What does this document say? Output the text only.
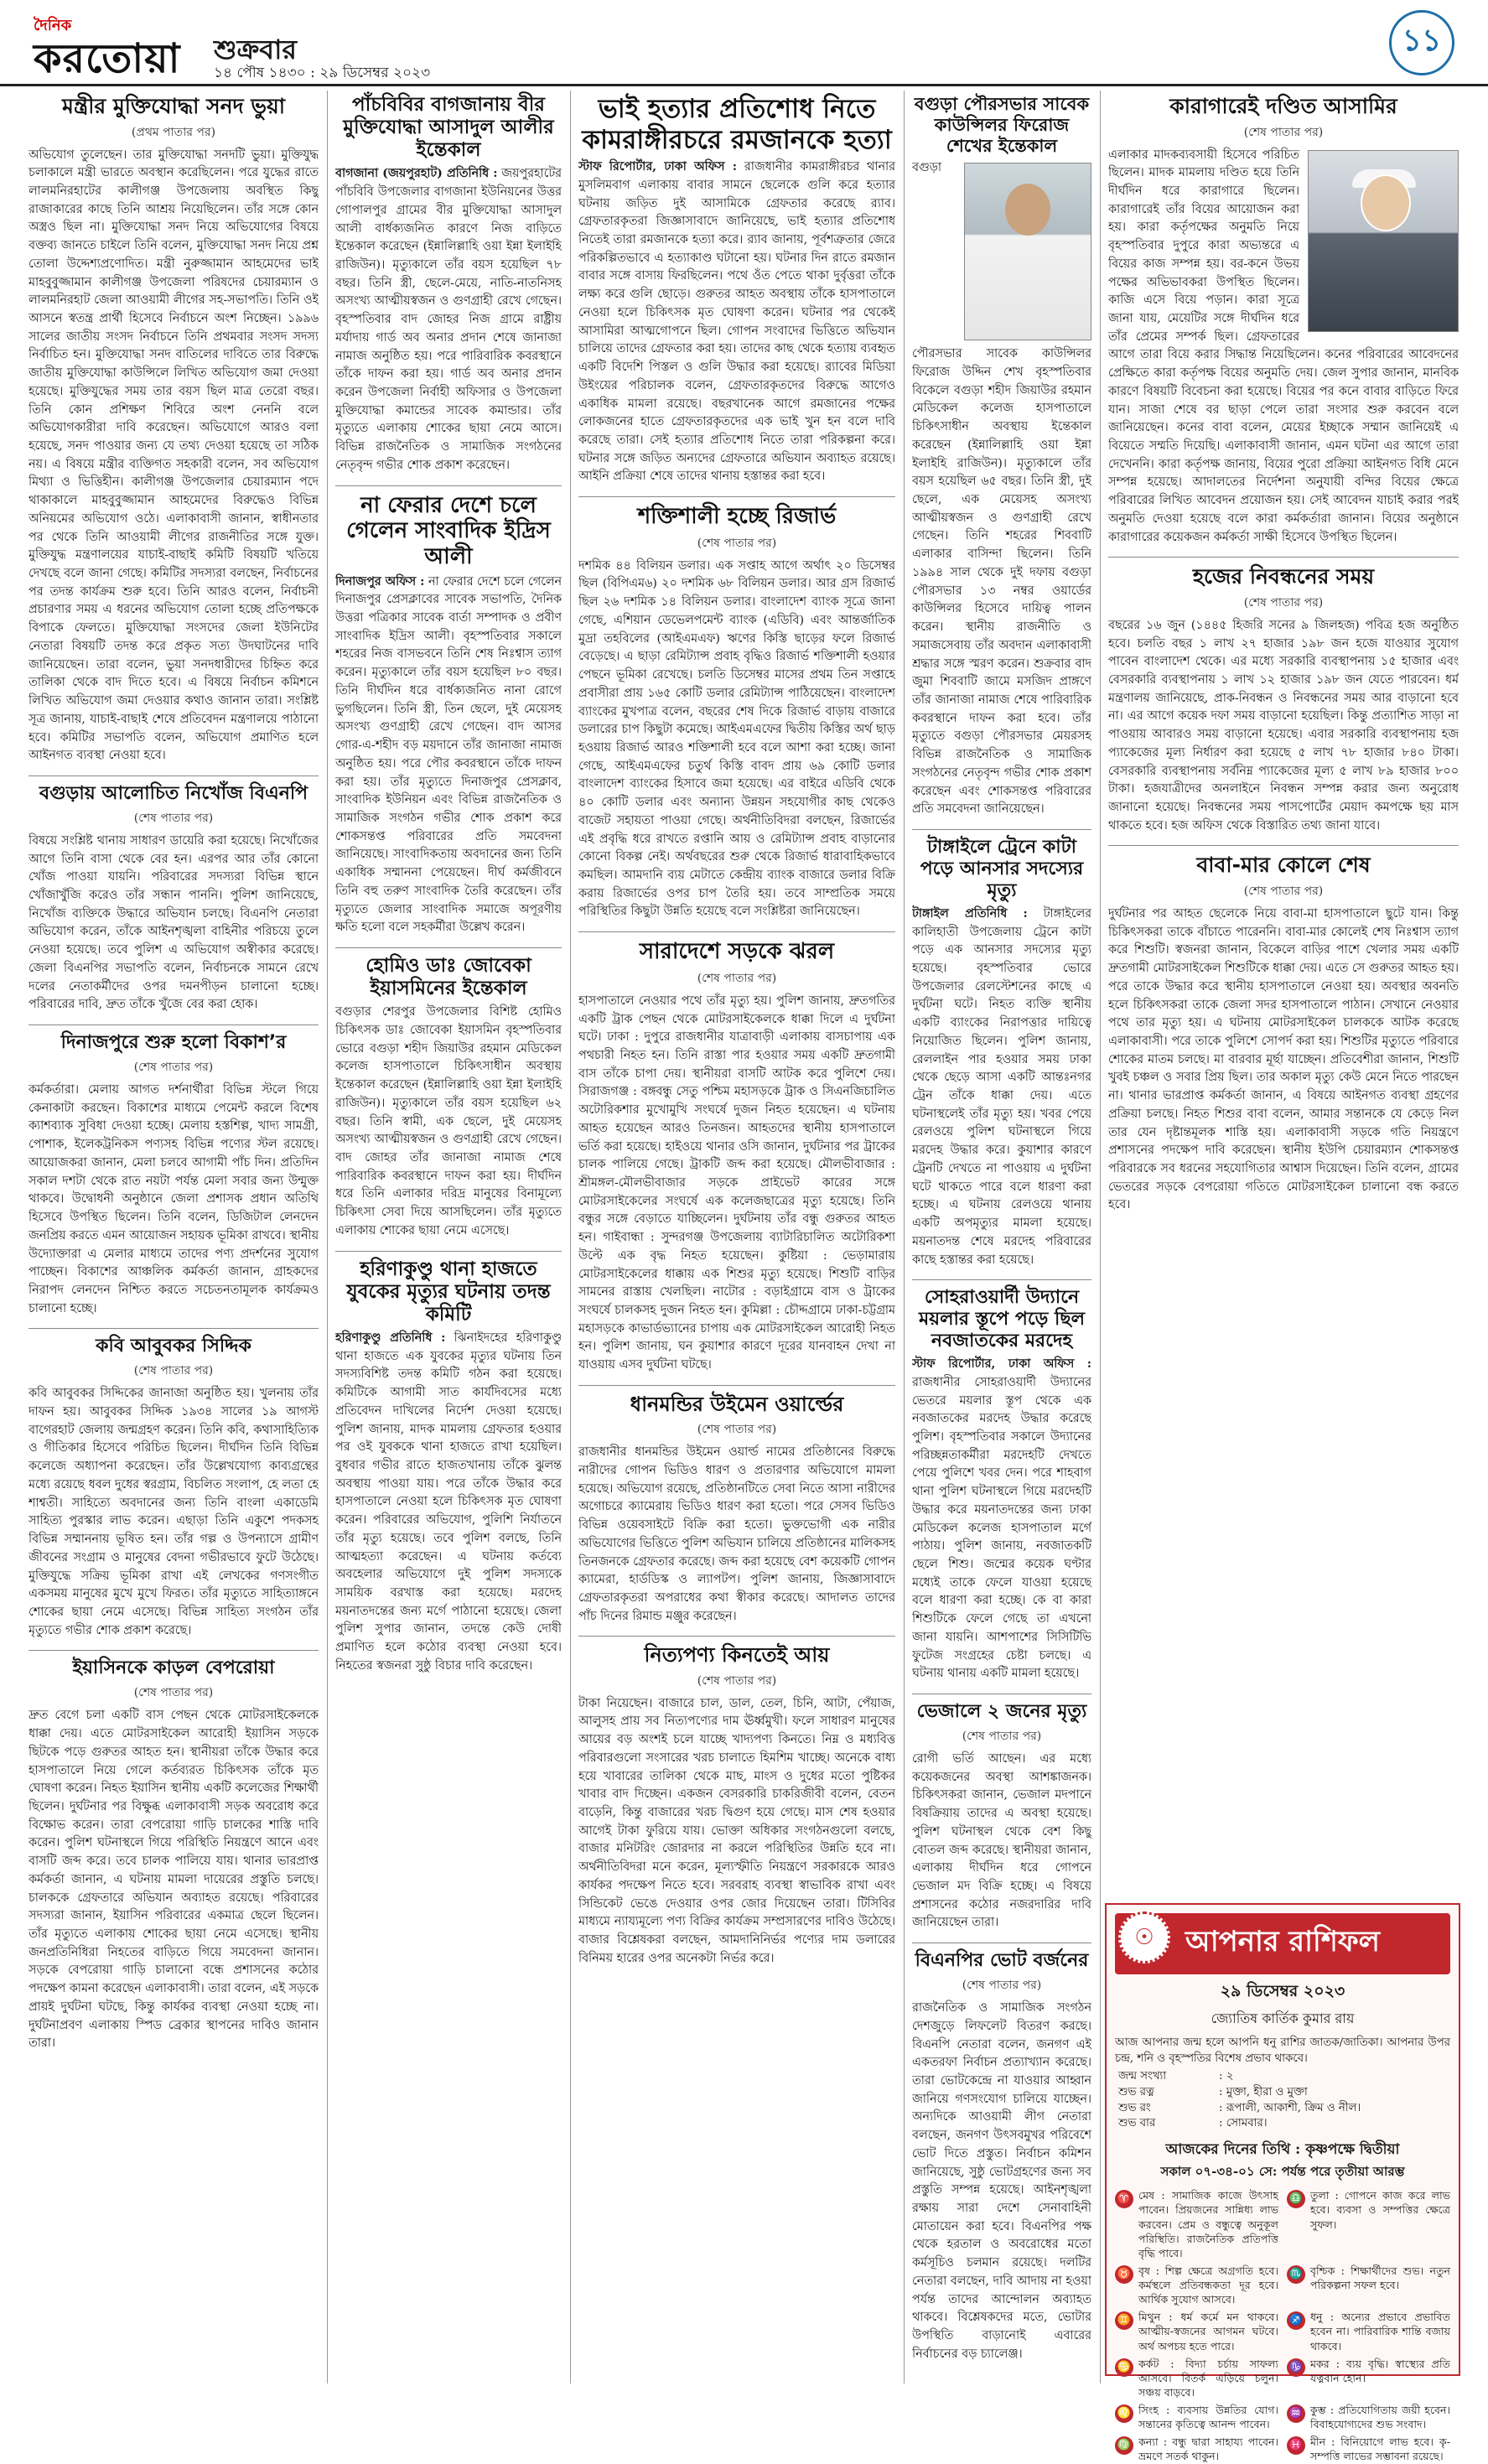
দৈনিক
করতোয়া শুক্রবার
১৪ পৌষ ১৪৩০ : ২৯ ডিসেম্বর ২০২৩
১১
মন্ত্রীর মুক্তিযোদ্ধা সনদ ভুয়া
(প্রথম পাতার পর)

অভিযোগ তুলেছেন। তার মুক্তিযোদ্ধা সনদটি ভুয়া। মুক্তিযুদ্ধ চলাকালে মন্ত্রী ভারতে অবস্থান করেছিলেন। পরে যুদ্ধের রাতে লালমনিরহাটের কালীগঞ্জ উপজেলায় অবস্থিত কিছু রাজাকারের কাছে তিনি আশ্রয় নিয়েছিলেন। তাঁর সঙ্গে কোন অস্ত্রও ছিল না। মুক্তিযোদ্ধা সনদ নিয়ে অভিযোগের বিষয়ে বক্তব্য জানতে চাইলে তিনি বলেন, মুক্তিযোদ্ধা সনদ নিয়ে প্রশ্ন তোলা উদ্দেশ্যপ্রণোদিত। মন্ত্রী নুরুজ্জামান আহমেদের ভাই মাহবুবুজ্জামান কালীগঞ্জ উপজেলা পরিষদের চেয়ারম্যান ও লালমনিরহাট জেলা আওয়ামী লীগের সহ-সভাপতি। তিনি ওই আসনে স্বতন্ত্র প্রার্থী হিসেবে নির্বাচনে অংশ নিচ্ছেন। ১৯৯৬ সালের জাতীয় সংসদ নির্বাচনে তিনি প্রথমবার সংসদ সদস্য নির্বাচিত হন। মুক্তিযোদ্ধা সনদ বাতিলের দাবিতে তার বিরুদ্ধে জাতীয় মুক্তিযোদ্ধা কাউন্সিলে লিখিত অভিযোগ জমা দেওয়া হয়েছে। মুক্তিযুদ্ধের সময় তার বয়স ছিল মাত্র তেরো বছর। তিনি কোন প্রশিক্ষণ শিবিরে অংশ নেননি বলে অভিযোগকারীরা দাবি করেছেন। অভিযোগে আরও বলা হয়েছে, সনদ পাওয়ার জন্য যে তথ্য দেওয়া হয়েছে তা সঠিক নয়। এ বিষয়ে মন্ত্রীর ব্যক্তিগত সহকারী বলেন, সব অভিযোগ মিথ্যা ও ভিত্তিহীন। কালীগঞ্জ উপজেলার চেয়ারম্যান পদে থাকাকালে মাহবুবুজ্জামান আহমেদের বিরুদ্ধেও বিভিন্ন অনিয়মের অভিযোগ ওঠে। এলাকাবাসী জানান, স্বাধীনতার পর থেকে তিনি আওয়ামী লীগের রাজনীতির সঙ্গে যুক্ত। মুক্তিযুদ্ধ মন্ত্রণালয়ের যাচাই-বাছাই কমিটি বিষয়টি খতিয়ে দেখছে বলে জানা গেছে। কমিটির সদস্যরা বলছেন, নির্বাচনের পর তদন্ত কার্যক্রম শুরু হবে। তিনি আরও বলেন, নির্বাচনী প্রচারণার সময় এ ধরনের অভিযোগ তোলা হচ্ছে প্রতিপক্ষকে বিপাকে ফেলতে। মুক্তিযোদ্ধা সংসদের জেলা ইউনিটের নেতারা বিষয়টি তদন্ত করে প্রকৃত সত্য উদঘাটনের দাবি জানিয়েছেন। তারা বলেন, ভুয়া সনদধারীদের চিহ্নিত করে তালিকা থেকে বাদ দিতে হবে। এ বিষয়ে নির্বাচন কমিশনে লিখিত অভিযোগ জমা দেওয়ার কথাও জানান তারা। সংশ্লিষ্ট সূত্র জানায়, যাচাই-বাছাই শেষে প্রতিবেদন মন্ত্রণালয়ে পাঠানো হবে। কমিটির সভাপতি বলেন, অভিযোগ প্রমাণিত হলে আইনগত ব্যবস্থা নেওয়া হবে।

বগুড়ায় আলোচিত নিখোঁজ বিএনপি
(শেষ পাতার পর)

বিষয়ে সংশ্লিষ্ট থানায় সাধারণ ডায়েরি করা হয়েছে। নিখোঁজের আগে তিনি বাসা থেকে বের হন। এরপর আর তাঁর কোনো খোঁজ পাওয়া যায়নি। পরিবারের সদস্যরা বিভিন্ন স্থানে খোঁজাখুঁজি করেও তাঁর সন্ধান পাননি। পুলিশ জানিয়েছে, নিখোঁজ ব্যক্তিকে উদ্ধারে অভিযান চলছে। বিএনপি নেতারা অভিযোগ করেন, তাঁকে আইনশৃঙ্খলা বাহিনীর পরিচয়ে তুলে নেওয়া হয়েছে। তবে পুলিশ এ অভিযোগ অস্বীকার করেছে। জেলা বিএনপির সভাপতি বলেন, নির্বাচনকে সামনে রেখে দলের নেতাকর্মীদের ওপর দমনপীড়ন চালানো হচ্ছে। পরিবারের দাবি, দ্রুত তাঁকে খুঁজে বের করা হোক।

দিনাজপুরে শুরু হলো বিকাশ’র
(শেষ পাতার পর)

কর্মকর্তারা। মেলায় আগত দর্শনার্থীরা বিভিন্ন স্টলে গিয়ে কেনাকাটা করছেন। বিকাশের মাধ্যমে পেমেন্ট করলে বিশেষ ক্যাশব্যাক সুবিধা দেওয়া হচ্ছে। মেলায় হস্তশিল্প, খাদ্য সামগ্রী, পোশাক, ইলেকট্রনিকস পণ্যসহ বিভিন্ন পণ্যের স্টল রয়েছে। আয়োজকরা জানান, মেলা চলবে আগামী পাঁচ দিন। প্রতিদিন সকাল দশটা থেকে রাত নয়টা পর্যন্ত মেলা সবার জন্য উন্মুক্ত থাকবে। উদ্বোধনী অনুষ্ঠানে জেলা প্রশাসক প্রধান অতিথি হিসেবে উপস্থিত ছিলেন। তিনি বলেন, ডিজিটাল লেনদেন জনপ্রিয় করতে এমন আয়োজন সহায়ক ভূমিকা রাখবে। স্থানীয় উদ্যোক্তারা এ মেলার মাধ্যমে তাদের পণ্য প্রদর্শনের সুযোগ পাচ্ছেন। বিকাশের আঞ্চলিক কর্মকর্তা জানান, গ্রাহকদের নিরাপদ লেনদেন নিশ্চিত করতে সচেতনতামূলক কার্যক্রমও চালানো হচ্ছে।

কবি আবুবকর সিদ্দিক
(শেষ পাতার পর)

কবি আবুবকর সিদ্দিকের জানাজা অনুষ্ঠিত হয়। খুলনায় তাঁর দাফন হয়। আবুবকর সিদ্দিক ১৯৩৪ সালের ১৯ আগস্ট বাগেরহাট জেলায় জন্মগ্রহণ করেন। তিনি কবি, কথাসাহিত্যিক ও গীতিকার হিসেবে পরিচিত ছিলেন। দীর্ঘদিন তিনি বিভিন্ন কলেজে অধ্যাপনা করেছেন। তাঁর উল্লেখযোগ্য কাব্যগ্রন্থের মধ্যে রয়েছে ধবল দুধের স্বরগ্রাম, বিচলিত সংলাপ, হে লতা হে শাশ্বতী। সাহিত্যে অবদানের জন্য তিনি বাংলা একাডেমি সাহিত্য পুরস্কার লাভ করেন। এছাড়া তিনি একুশে পদকসহ বিভিন্ন সম্মাননায় ভূষিত হন। তাঁর গল্প ও উপন্যাসে গ্রামীণ জীবনের সংগ্রাম ও মানুষের বেদনা গভীরভাবে ফুটে উঠেছে। মুক্তিযুদ্ধে সক্রিয় ভূমিকা রাখা এই লেখকের গণসংগীত একসময় মানুষের মুখে মুখে ফিরত। তাঁর মৃত্যুতে সাহিত্যাঙ্গনে শোকের ছায়া নেমে এসেছে। বিভিন্ন সাহিত্য সংগঠন তাঁর মৃত্যুতে গভীর শোক প্রকাশ করেছে।

ইয়াসিনকে কাড়ল বেপরোয়া
(শেষ পাতার পর)

দ্রুত বেগে চলা একটি বাস পেছন থেকে মোটরসাইকেলকে ধাক্কা দেয়। এতে মোটরসাইকেল আরোহী ইয়াসিন সড়কে ছিটকে পড়ে গুরুতর আহত হন। স্থানীয়রা তাঁকে উদ্ধার করে হাসপাতালে নিয়ে গেলে কর্তব্যরত চিকিৎসক তাঁকে মৃত ঘোষণা করেন। নিহত ইয়াসিন স্থানীয় একটি কলেজের শিক্ষার্থী ছিলেন। দুর্ঘটনার পর বিক্ষুব্ধ এলাকাবাসী সড়ক অবরোধ করে বিক্ষোভ করেন। তারা বেপরোয়া গাড়ি চালকের শাস্তি দাবি করেন। পুলিশ ঘটনাস্থলে গিয়ে পরিস্থিতি নিয়ন্ত্রণে আনে এবং বাসটি জব্দ করে। তবে চালক পালিয়ে যায়। থানার ভারপ্রাপ্ত কর্মকর্তা জানান, এ ঘটনায় মামলা দায়েরের প্রস্তুতি চলছে। চালককে গ্রেফতারে অভিযান অব্যাহত রয়েছে। পরিবারের সদস্যরা জানান, ইয়াসিন পরিবারের একমাত্র ছেলে ছিলেন। তাঁর মৃত্যুতে এলাকায় শোকের ছায়া নেমে এসেছে। স্থানীয় জনপ্রতিনিধিরা নিহতের বাড়িতে গিয়ে সমবেদনা জানান। সড়কে বেপরোয়া গাড়ি চালানো বন্ধে প্রশাসনের কঠোর পদক্ষেপ কামনা করেছেন এলাকাবাসী। তারা বলেন, এই সড়কে প্রায়ই দুর্ঘটনা ঘটছে, কিন্তু কার্যকর ব্যবস্থা নেওয়া হচ্ছে না। দুর্ঘটনাপ্রবণ এলাকায় স্পিড ব্রেকার স্থাপনের দাবিও জানান তারা।

পাঁচবিবির বাগজানায় বীর মুক্তিযোদ্ধা আসাদুল আলীর ইন্তেকাল

বাগজানা (জয়পুরহাট) প্রতিনিধি : জয়পুরহাটের পাঁচবিবি উপজেলার বাগজানা ইউনিয়নের উত্তর গোপালপুর গ্রামের বীর মুক্তিযোদ্ধা আসাদুল আলী বার্ধক্যজনিত কারণে নিজ বাড়িতে ইন্তেকাল করেছেন (ইন্নালিল্লাহি ওয়া ইন্না ইলাইহি রাজিউন)। মৃত্যুকালে তাঁর বয়স হয়েছিল ৭৮ বছর। তিনি স্ত্রী, ছেলে-মেয়ে, নাতি-নাতনিসহ অসংখ্য আত্মীয়স্বজন ও গুণগ্রাহী রেখে গেছেন। বৃহস্পতিবার বাদ জোহর নিজ গ্রামে রাষ্ট্রীয় মর্যাদায় গার্ড অব অনার প্রদান শেষে জানাজা নামাজ অনুষ্ঠিত হয়। পরে পারিবারিক কবরস্থানে তাঁকে দাফন করা হয়। গার্ড অব অনার প্রদান করেন উপজেলা নির্বাহী অফিসার ও উপজেলা মুক্তিযোদ্ধা কমান্ডের সাবেক কমান্ডার। তাঁর মৃত্যুতে এলাকায় শোকের ছায়া নেমে আসে। বিভিন্ন রাজনৈতিক ও সামাজিক সংগঠনের নেতৃবৃন্দ গভীর শোক প্রকাশ করেছেন।

না ফেরার দেশে চলে গেলেন সাংবাদিক ইদ্রিস আলী

দিনাজপুর অফিস : না ফেরার দেশে চলে গেলেন দিনাজপুর প্রেসক্লাবের সাবেক সভাপতি, দৈনিক উত্তরা পত্রিকার সাবেক বার্তা সম্পাদক ও প্রবীণ সাংবাদিক ইদ্রিস আলী। বৃহস্পতিবার সকালে শহরের নিজ বাসভবনে তিনি শেষ নিঃশ্বাস ত্যাগ করেন। মৃত্যুকালে তাঁর বয়স হয়েছিল ৮০ বছর। তিনি দীর্ঘদিন ধরে বার্ধক্যজনিত নানা রোগে ভুগছিলেন। তিনি স্ত্রী, তিন ছেলে, দুই মেয়েসহ অসংখ্য গুণগ্রাহী রেখে গেছেন। বাদ আসর গোর-এ-শহীদ বড় ময়দানে তাঁর জানাজা নামাজ অনুষ্ঠিত হয়। পরে পৌর কবরস্থানে তাঁকে দাফন করা হয়। তাঁর মৃত্যুতে দিনাজপুর প্রেসক্লাব, সাংবাদিক ইউনিয়ন এবং বিভিন্ন রাজনৈতিক ও সামাজিক সংগঠন গভীর শোক প্রকাশ করে শোকসন্তপ্ত পরিবারের প্রতি সমবেদনা জানিয়েছে। সাংবাদিকতায় অবদানের জন্য তিনি একাধিক সম্মাননা পেয়েছেন। দীর্ঘ কর্মজীবনে তিনি বহু তরুণ সাংবাদিক তৈরি করেছেন। তাঁর মৃত্যুতে জেলার সাংবাদিক সমাজে অপূরণীয় ক্ষতি হলো বলে সহকর্মীরা উল্লেখ করেন।

হোমিও ডাঃ জোবেকা ইয়াসমিনের ইন্তেকাল

বগুড়ার শেরপুর উপজেলার বিশিষ্ট হোমিও চিকিৎসক ডাঃ জোবেকা ইয়াসমিন বৃহস্পতিবার ভোরে বগুড়া শহীদ জিয়াউর রহমান মেডিকেল কলেজ হাসপাতালে চিকিৎসাধীন অবস্থায় ইন্তেকাল করেছেন (ইন্নালিল্লাহি ওয়া ইন্না ইলাইহি রাজিউন)। মৃত্যুকালে তাঁর বয়স হয়েছিল ৬২ বছর। তিনি স্বামী, এক ছেলে, দুই মেয়েসহ অসংখ্য আত্মীয়স্বজন ও গুণগ্রাহী রেখে গেছেন। বাদ জোহর তাঁর জানাজা নামাজ শেষে পারিবারিক কবরস্থানে দাফন করা হয়। দীর্ঘদিন ধরে তিনি এলাকার দরিদ্র মানুষের বিনামূল্যে চিকিৎসা সেবা দিয়ে আসছিলেন। তাঁর মৃত্যুতে এলাকায় শোকের ছায়া নেমে এসেছে।

হরিণাকুণ্ডু থানা হাজতে যুবকের মৃত্যুর ঘটনায় তদন্ত কমিটি

হরিণাকুণ্ডু প্রতিনিধি : ঝিনাইদহের হরিণাকুণ্ডু থানা হাজতে এক যুবকের মৃত্যুর ঘটনায় তিন সদস্যবিশিষ্ট তদন্ত কমিটি গঠন করা হয়েছে। কমিটিকে আগামী সাত কার্যদিবসের মধ্যে প্রতিবেদন দাখিলের নির্দেশ দেওয়া হয়েছে। পুলিশ জানায়, মাদক মামলায় গ্রেফতার হওয়ার পর ওই যুবককে থানা হাজতে রাখা হয়েছিল। বুধবার গভীর রাতে হাজতখানায় তাঁকে ঝুলন্ত অবস্থায় পাওয়া যায়। পরে তাঁকে উদ্ধার করে হাসপাতালে নেওয়া হলে চিকিৎসক মৃত ঘোষণা করেন। পরিবারের অভিযোগ, পুলিশি নির্যাতনে তাঁর মৃত্যু হয়েছে। তবে পুলিশ বলছে, তিনি আত্মহত্যা করেছেন। এ ঘটনায় কর্তব্যে অবহেলার অভিযোগে দুই পুলিশ সদস্যকে সাময়িক বরখাস্ত করা হয়েছে। মরদেহ ময়নাতদন্তের জন্য মর্গে পাঠানো হয়েছে। জেলা পুলিশ সুপার জানান, তদন্তে কেউ দোষী প্রমাণিত হলে কঠোর ব্যবস্থা নেওয়া হবে। নিহতের স্বজনরা সুষ্ঠু বিচার দাবি করেছেন।

ভাই হত্যার প্রতিশোধ নিতে কামরাঙ্গীরচরে রমজানকে হত্যা

স্টাফ রিপোর্টার, ঢাকা অফিস : রাজধানীর কামরাঙ্গীরচর থানার মুসলিমবাগ এলাকায় বাবার সামনে ছেলেকে গুলি করে হত্যার ঘটনায় জড়িত দুই আসামিকে গ্রেফতার করেছে র‌্যাব। গ্রেফতারকৃতরা জিজ্ঞাসাবাদে জানিয়েছে, ভাই হত্যার প্রতিশোধ নিতেই তারা রমজানকে হত্যা করে। র‌্যাব জানায়, পূর্বশত্রুতার জেরে পরিকল্পিতভাবে এ হত্যাকাণ্ড ঘটানো হয়। ঘটনার দিন রাতে রমজান বাবার সঙ্গে বাসায় ফিরছিলেন। পথে ওঁত পেতে থাকা দুর্বৃত্তরা তাঁকে লক্ষ্য করে গুলি ছোড়ে। গুরুতর আহত অবস্থায় তাঁকে হাসপাতালে নেওয়া হলে চিকিৎসক মৃত ঘোষণা করেন। ঘটনার পর থেকেই আসামিরা আত্মগোপনে ছিল। গোপন সংবাদের ভিত্তিতে অভিযান চালিয়ে তাদের গ্রেফতার করা হয়। তাদের কাছ থেকে হত্যায় ব্যবহৃত একটি বিদেশি পিস্তল ও গুলি উদ্ধার করা হয়েছে। র‌্যাবের মিডিয়া উইংয়ের পরিচালক বলেন, গ্রেফতারকৃতদের বিরুদ্ধে আগেও একাধিক মামলা রয়েছে। বছরখানেক আগে রমজানের পক্ষের লোকজনের হাতে গ্রেফতারকৃতদের এক ভাই খুন হন বলে দাবি করেছে তারা। সেই হত্যার প্রতিশোধ নিতে তারা পরিকল্পনা করে। ঘটনার সঙ্গে জড়িত অন্যদের গ্রেফতারে অভিযান অব্যাহত রয়েছে। আইনি প্রক্রিয়া শেষে তাদের থানায় হস্তান্তর করা হবে।

শক্তিশালী হচ্ছে রিজার্ভ
(শেষ পাতার পর)

দশমিক ৪৪ বিলিয়ন ডলার। এক সপ্তাহ আগে অর্থাৎ ২০ ডিসেম্বর ছিল (বিপিএম৬) ২০ দশমিক ৬৮ বিলিয়ন ডলার। আর গ্রস রিজার্ভ ছিল ২৬ দশমিক ১৪ বিলিয়ন ডলার। বাংলাদেশ ব্যাংক সূত্রে জানা গেছে, এশিয়ান ডেভেলপমেন্ট ব্যাংক (এডিবি) এবং আন্তর্জাতিক মুদ্রা তহবিলের (আইএমএফ) ঋণের কিস্তি ছাড়ের ফলে রিজার্ভ বেড়েছে। এ ছাড়া রেমিট্যান্স প্রবাহ বৃদ্ধিও রিজার্ভ শক্তিশালী হওয়ার পেছনে ভূমিকা রেখেছে। চলতি ডিসেম্বর মাসের প্রথম তিন সপ্তাহে প্রবাসীরা প্রায় ১৬৫ কোটি ডলার রেমিট্যান্স পাঠিয়েছেন। বাংলাদেশ ব্যাংকের মুখপাত্র বলেন, বছরের শেষ দিকে রিজার্ভ বাড়ায় বাজারে ডলারের চাপ কিছুটা কমেছে। আইএমএফের দ্বিতীয় কিস্তির অর্থ ছাড় হওয়ায় রিজার্ভ আরও শক্তিশালী হবে বলে আশা করা হচ্ছে। জানা গেছে, আইএমএফের চতুর্থ কিস্তি বাবদ প্রায় ৬৯ কোটি ডলার বাংলাদেশ ব্যাংকের হিসাবে জমা হয়েছে। এর বাইরে এডিবি থেকে ৪০ কোটি ডলার এবং অন্যান্য উন্নয়ন সহযোগীর কাছ থেকেও বাজেট সহায়তা পাওয়া গেছে। অর্থনীতিবিদরা বলছেন, রিজার্ভের এই প্রবৃদ্ধি ধরে রাখতে রপ্তানি আয় ও রেমিট্যান্স প্রবাহ বাড়ানোর কোনো বিকল্প নেই। অর্থবছরের শুরু থেকে রিজার্ভ ধারাবাহিকভাবে কমছিল। আমদানি ব্যয় মেটাতে কেন্দ্রীয় ব্যাংক বাজারে ডলার বিক্রি করায় রিজার্ভের ওপর চাপ তৈরি হয়। তবে সাম্প্রতিক সময়ে পরিস্থিতির কিছুটা উন্নতি হয়েছে বলে সংশ্লিষ্টরা জানিয়েছেন।

সারাদেশে সড়কে ঝরল
(শেষ পাতার পর)

হাসপাতালে নেওয়ার পথে তাঁর মৃত্যু হয়। পুলিশ জানায়, দ্রুতগতির একটি ট্রাক পেছন থেকে মোটরসাইকেলকে ধাক্কা দিলে এ দুর্ঘটনা ঘটে। ঢাকা : দুপুরে রাজধানীর যাত্রাবাড়ী এলাকায় বাসচাপায় এক পথচারী নিহত হন। তিনি রাস্তা পার হওয়ার সময় একটি দ্রুতগামী বাস তাঁকে চাপা দেয়। স্থানীয়রা বাসটি আটক করে পুলিশে দেয়। সিরাজগঞ্জ : বঙ্গবন্ধু সেতু পশ্চিম মহাসড়কে ট্রাক ও সিএনজিচালিত অটোরিকশার মুখোমুখি সংঘর্ষে দুজন নিহত হয়েছেন। এ ঘটনায় আহত হয়েছেন আরও তিনজন। আহতদের স্থানীয় হাসপাতালে ভর্তি করা হয়েছে। হাইওয়ে থানার ওসি জানান, দুর্ঘটনার পর ট্রাকের চালক পালিয়ে গেছে। ট্রাকটি জব্দ করা হয়েছে। মৌলভীবাজার : শ্রীমঙ্গল-মৌলভীবাজার সড়কে প্রাইভেট কারের সঙ্গে মোটরসাইকেলের সংঘর্ষে এক কলেজছাত্রের মৃত্যু হয়েছে। তিনি বন্ধুর সঙ্গে বেড়াতে যাচ্ছিলেন। দুর্ঘটনায় তাঁর বন্ধু গুরুতর আহত হন। গাইবান্ধা : সুন্দরগঞ্জ উপজেলায় ব্যাটারিচালিত অটোরিকশা উল্টে এক বৃদ্ধ নিহত হয়েছেন। কুষ্টিয়া : ভেড়ামারায় মোটরসাইকেলের ধাক্কায় এক শিশুর মৃত্যু হয়েছে। শিশুটি বাড়ির সামনের রাস্তায় খেলছিল। নাটোর : বড়াইগ্রামে বাস ও ট্রাকের সংঘর্ষে চালকসহ দুজন নিহত হন। কুমিল্লা : চৌদ্দগ্রামে ঢাকা-চট্টগ্রাম মহাসড়কে কাভার্ডভ্যানের চাপায় এক মোটরসাইকেল আরোহী নিহত হন। পুলিশ জানায়, ঘন কুয়াশার কারণে দূরের যানবাহন দেখা না যাওয়ায় এসব দুর্ঘটনা ঘটছে।

ধানমন্ডির উইমেন ওয়ার্ল্ডের
(শেষ পাতার পর)

রাজধানীর ধানমন্ডির উইমেন ওয়ার্ল্ড নামের প্রতিষ্ঠানের বিরুদ্ধে নারীদের গোপন ভিডিও ধারণ ও প্রতারণার অভিযোগে মামলা হয়েছে। অভিযোগ রয়েছে, প্রতিষ্ঠানটিতে সেবা নিতে আসা নারীদের অগোচরে ক্যামেরায় ভিডিও ধারণ করা হতো। পরে সেসব ভিডিও বিভিন্ন ওয়েবসাইটে বিক্রি করা হতো। ভুক্তভোগী এক নারীর অভিযোগের ভিত্তিতে পুলিশ অভিযান চালিয়ে প্রতিষ্ঠানের মালিকসহ তিনজনকে গ্রেফতার করেছে। জব্দ করা হয়েছে বেশ কয়েকটি গোপন ক্যামেরা, হার্ডডিস্ক ও ল্যাপটপ। পুলিশ জানায়, জিজ্ঞাসাবাদে গ্রেফতারকৃতরা অপরাধের কথা স্বীকার করেছে। আদালত তাদের পাঁচ দিনের রিমান্ড মঞ্জুর করেছেন।

নিত্যপণ্য কিনতেই আয়
(শেষ পাতার পর)

টাকা নিয়েছেন। বাজারে চাল, ডাল, তেল, চিনি, আটা, পেঁয়াজ, আলুসহ প্রায় সব নিত্যপণ্যের দাম ঊর্ধ্বমুখী। ফলে সাধারণ মানুষের আয়ের বড় অংশই চলে যাচ্ছে খাদ্যপণ্য কিনতে। নিম্ন ও মধ্যবিত্ত পরিবারগুলো সংসারের খরচ চালাতে হিমশিম খাচ্ছে। অনেকে বাধ্য হয়ে খাবারের তালিকা থেকে মাছ, মাংস ও দুধের মতো পুষ্টিকর খাবার বাদ দিচ্ছেন। একজন বেসরকারি চাকরিজীবী বলেন, বেতন বাড়েনি, কিন্তু বাজারের খরচ দ্বিগুণ হয়ে গেছে। মাস শেষ হওয়ার আগেই টাকা ফুরিয়ে যায়। ভোক্তা অধিকার সংগঠনগুলো বলছে, বাজার মনিটরিং জোরদার না করলে পরিস্থিতির উন্নতি হবে না। অর্থনীতিবিদরা মনে করেন, মূল্যস্ফীতি নিয়ন্ত্রণে সরকারকে আরও কার্যকর পদক্ষেপ নিতে হবে। সরবরাহ ব্যবস্থা স্বাভাবিক রাখা এবং সিন্ডিকেট ভেঙে দেওয়ার ওপর জোর দিয়েছেন তারা। টিসিবির মাধ্যমে ন্যায্যমূল্যে পণ্য বিক্রির কার্যক্রম সম্প্রসারণের দাবিও উঠেছে। বাজার বিশ্লেষকরা বলছেন, আমদানিনির্ভর পণ্যের দাম ডলারের বিনিময় হারের ওপর অনেকটা নির্ভর করে।

বগুড়া পৌরসভার সাবেক কাউন্সিলর ফিরোজ শেখের ইন্তেকাল

বগুড়া পৌরসভার সাবেক কাউন্সিলর ফিরোজ উদ্দিন শেখ বৃহস্পতিবার বিকেলে বগুড়া শহীদ জিয়াউর রহমান মেডিকেল কলেজ হাসপাতালে চিকিৎসাধীন অবস্থায় ইন্তেকাল করেছেন (ইন্নালিল্লাহি ওয়া ইন্না ইলাইহি রাজিউন)। মৃত্যুকালে তাঁর বয়স হয়েছিল ৬৫ বছর। তিনি স্ত্রী, দুই ছেলে, এক মেয়েসহ অসংখ্য আত্মীয়স্বজন ও গুণগ্রাহী রেখে গেছেন। তিনি শহরের শিববাটি এলাকার বাসিন্দা ছিলেন। তিনি ১৯৯৪ সাল থেকে দুই দফায় বগুড়া পৌরসভার ১৩ নম্বর ওয়ার্ডের কাউন্সিলর হিসেবে দায়িত্ব পালন করেন। স্থানীয় রাজনীতি ও সমাজসেবায় তাঁর অবদান এলাকাবাসী শ্রদ্ধার সঙ্গে স্মরণ করেন। শুক্রবার বাদ জুমা শিববাটি জামে মসজিদ প্রাঙ্গণে তাঁর জানাজা নামাজ শেষে পারিবারিক কবরস্থানে দাফন করা হবে। তাঁর মৃত্যুতে বগুড়া পৌরসভার মেয়রসহ বিভিন্ন রাজনৈতিক ও সামাজিক সংগঠনের নেতৃবৃন্দ গভীর শোক প্রকাশ করেছেন এবং শোকসন্তপ্ত পরিবারের প্রতি সমবেদনা জানিয়েছেন।

টাঙ্গাইলে ট্রেনে কাটা পড়ে আনসার সদস্যের মৃত্যু

টাঙ্গাইল প্রতিনিধি : টাঙ্গাইলের কালিহাতী উপজেলায় ট্রেনে কাটা পড়ে এক আনসার সদস্যের মৃত্যু হয়েছে। বৃহস্পতিবার ভোরে উপজেলার রেলস্টেশনের কাছে এ দুর্ঘটনা ঘটে। নিহত ব্যক্তি স্থানীয় একটি ব্যাংকের নিরাপত্তার দায়িত্বে নিয়োজিত ছিলেন। পুলিশ জানায়, রেললাইন পার হওয়ার সময় ঢাকা থেকে ছেড়ে আসা একটি আন্তঃনগর ট্রেন তাঁকে ধাক্কা দেয়। এতে ঘটনাস্থলেই তাঁর মৃত্যু হয়। খবর পেয়ে রেলওয়ে পুলিশ ঘটনাস্থলে গিয়ে মরদেহ উদ্ধার করে। কুয়াশার কারণে ট্রেনটি দেখতে না পাওয়ায় এ দুর্ঘটনা ঘটে থাকতে পারে বলে ধারণা করা হচ্ছে। এ ঘটনায় রেলওয়ে থানায় একটি অপমৃত্যুর মামলা হয়েছে। ময়নাতদন্ত শেষে মরদেহ পরিবারের কাছে হস্তান্তর করা হয়েছে।

সোহরাওয়ার্দী উদ্যানে ময়লার স্তূপে পড়ে ছিল নবজাতকের মরদেহ

স্টাফ রিপোর্টার, ঢাকা অফিস : রাজধানীর সোহরাওয়ার্দী উদ্যানের ভেতরে ময়লার স্তূপ থেকে এক নবজাতকের মরদেহ উদ্ধার করেছে পুলিশ। বৃহস্পতিবার সকালে উদ্যানের পরিচ্ছন্নতাকর্মীরা মরদেহটি দেখতে পেয়ে পুলিশে খবর দেন। পরে শাহবাগ থানা পুলিশ ঘটনাস্থলে গিয়ে মরদেহটি উদ্ধার করে ময়নাতদন্তের জন্য ঢাকা মেডিকেল কলেজ হাসপাতাল মর্গে পাঠায়। পুলিশ জানায়, নবজাতকটি ছেলে শিশু। জন্মের কয়েক ঘণ্টার মধ্যেই তাকে ফেলে যাওয়া হয়েছে বলে ধারণা করা হচ্ছে। কে বা কারা শিশুটিকে ফেলে গেছে তা এখনো জানা যায়নি। আশপাশের সিসিটিভি ফুটেজ সংগ্রহের চেষ্টা চলছে। এ ঘটনায় থানায় একটি মামলা হয়েছে।

ভেজালে ২ জনের মৃত্যু
(শেষ পাতার পর)

রোগী ভর্তি আছেন। এর মধ্যে কয়েকজনের অবস্থা আশঙ্কাজনক। চিকিৎসকরা জানান, ভেজাল মদপানে বিষক্রিয়ায় তাদের এ অবস্থা হয়েছে। পুলিশ ঘটনাস্থল থেকে বেশ কিছু বোতল জব্দ করেছে। স্থানীয়রা জানান, এলাকায় দীর্ঘদিন ধরে গোপনে ভেজাল মদ বিক্রি হচ্ছে। এ বিষয়ে প্রশাসনের কঠোর নজরদারির দাবি জানিয়েছেন তারা।

বিএনপির ভোট বর্জনের
(শেষ পাতার পর)

রাজনৈতিক ও সামাজিক সংগঠন দেশজুড়ে লিফলেট বিতরণ করছে। বিএনপি নেতারা বলেন, জনগণ এই একতরফা নির্বাচন প্রত্যাখ্যান করেছে। তারা ভোটকেন্দ্রে না যাওয়ার আহ্বান জানিয়ে গণসংযোগ চালিয়ে যাচ্ছেন। অন্যদিকে আওয়ামী লীগ নেতারা বলছেন, জনগণ উৎসবমুখর পরিবেশে ভোট দিতে প্রস্তুত। নির্বাচন কমিশন জানিয়েছে, সুষ্ঠু ভোটগ্রহণের জন্য সব প্রস্তুতি সম্পন্ন হয়েছে। আইনশৃঙ্খলা রক্ষায় সারা দেশে সেনাবাহিনী মোতায়েন করা হবে। বিএনপির পক্ষ থেকে হরতাল ও অবরোধের মতো কর্মসূচিও চলমান রয়েছে। দলটির নেতারা বলছেন, দাবি আদায় না হওয়া পর্যন্ত তাদের আন্দোলন অব্যাহত থাকবে। বিশ্লেষকদের মতে, ভোটার উপস্থিতি বাড়ানোই এবারের নির্বাচনের বড় চ্যালেঞ্জ।

কারাগারেই দণ্ডিত আসামির
(শেষ পাতার পর)

এলাকার মাদকব্যবসায়ী হিসেবে পরিচিত ছিলেন। মাদক মামলায় দণ্ডিত হয়ে তিনি দীর্ঘদিন ধরে কারাগারে ছিলেন। কারাগারেই তাঁর বিয়ের আয়োজন করা হয়। কারা কর্তৃপক্ষের অনুমতি নিয়ে বৃহস্পতিবার দুপুরে কারা অভ্যন্তরে এ বিয়ের কাজ সম্পন্ন হয়। বর-কনে উভয় পক্ষের অভিভাবকরা উপস্থিত ছিলেন। কাজি এসে বিয়ে পড়ান। কারা সূত্রে জানা যায়, মেয়েটির সঙ্গে দীর্ঘদিন ধরে তাঁর প্রেমের সম্পর্ক ছিল। গ্রেফতারের আগে তারা বিয়ে করার সিদ্ধান্ত নিয়েছিলেন। কনের পরিবারের আবেদনের প্রেক্ষিতে কারা কর্তৃপক্ষ বিয়ের অনুমতি দেয়। জেল সুপার জানান, মানবিক কারণে বিষয়টি বিবেচনা করা হয়েছে। বিয়ের পর কনে বাবার বাড়িতে ফিরে যান। সাজা শেষে বর ছাড়া পেলে তারা সংসার শুরু করবেন বলে জানিয়েছেন। কনের বাবা বলেন, মেয়ের ইচ্ছাকে সম্মান জানিয়েই এ বিয়েতে সম্মতি দিয়েছি। এলাকাবাসী জানান, এমন ঘটনা এর আগে তারা দেখেননি। কারা কর্তৃপক্ষ জানায়, বিয়ের পুরো প্রক্রিয়া আইনগত বিধি মেনে সম্পন্ন হয়েছে। আদালতের নির্দেশনা অনুযায়ী বন্দির বিয়ের ক্ষেত্রে পরিবারের লিখিত আবেদন প্রয়োজন হয়। সেই আবেদন যাচাই করার পরই অনুমতি দেওয়া হয়েছে বলে কারা কর্মকর্তারা জানান। বিয়ের অনুষ্ঠানে কারাগারের কয়েকজন কর্মকর্তা সাক্ষী হিসেবে উপস্থিত ছিলেন।

হজের নিবন্ধনের সময়
(শেষ পাতার পর)

বছরের ১৬ জুন (১৪৪৫ হিজরি সনের ৯ জিলহজ) পবিত্র হজ অনুষ্ঠিত হবে। চলতি বছর ১ লাখ ২৭ হাজার ১৯৮ জন হজে যাওয়ার সুযোগ পাবেন বাংলাদেশ থেকে। এর মধ্যে সরকারি ব্যবস্থাপনায় ১৫ হাজার এবং বেসরকারি ব্যবস্থাপনায় ১ লাখ ১২ হাজার ১৯৮ জন যেতে পারবেন। ধর্ম মন্ত্রণালয় জানিয়েছে, প্রাক-নিবন্ধন ও নিবন্ধনের সময় আর বাড়ানো হবে না। এর আগে কয়েক দফা সময় বাড়ানো হয়েছিল। কিন্তু প্রত্যাশিত সাড়া না পাওয়ায় আবারও সময় বাড়ানো হয়েছে। এবার সরকারি ব্যবস্থাপনায় হজ প্যাকেজের মূল্য নির্ধারণ করা হয়েছে ৫ লাখ ৭৮ হাজার ৮৪০ টাকা। বেসরকারি ব্যবস্থাপনায় সর্বনিম্ন প্যাকেজের মূল্য ৫ লাখ ৮৯ হাজার ৮০০ টাকা। হজযাত্রীদের অনলাইনে নিবন্ধন সম্পন্ন করার জন্য অনুরোধ জানানো হয়েছে। নিবন্ধনের সময় পাসপোর্টের মেয়াদ কমপক্ষে ছয় মাস থাকতে হবে। হজ অফিস থেকে বিস্তারিত তথ্য জানা যাবে।

বাবা-মার কোলে শেষ
(শেষ পাতার পর)

দুর্ঘটনার পর আহত ছেলেকে নিয়ে বাবা-মা হাসপাতালে ছুটে যান। কিন্তু চিকিৎসকরা তাকে বাঁচাতে পারেননি। বাবা-মার কোলেই শেষ নিঃশ্বাস ত্যাগ করে শিশুটি। স্বজনরা জানান, বিকেলে বাড়ির পাশে খেলার সময় একটি দ্রুতগামী মোটরসাইকেল শিশুটিকে ধাক্কা দেয়। এতে সে গুরুতর আহত হয়। পরে তাকে উদ্ধার করে স্থানীয় হাসপাতালে নেওয়া হয়। অবস্থার অবনতি হলে চিকিৎসকরা তাকে জেলা সদর হাসপাতালে পাঠান। সেখানে নেওয়ার পথে তার মৃত্যু হয়। এ ঘটনায় মোটরসাইকেল চালককে আটক করেছে এলাকাবাসী। পরে তাকে পুলিশে সোপর্দ করা হয়। শিশুটির মৃত্যুতে পরিবারে শোকের মাতম চলছে। মা বারবার মূর্ছা যাচ্ছেন। প্রতিবেশীরা জানান, শিশুটি খুবই চঞ্চল ও সবার প্রিয় ছিল। তার অকাল মৃত্যু কেউ মেনে নিতে পারছেন না। থানার ভারপ্রাপ্ত কর্মকর্তা জানান, এ বিষয়ে আইনগত ব্যবস্থা গ্রহণের প্রক্রিয়া চলছে। নিহত শিশুর বাবা বলেন, আমার সন্তানকে যে কেড়ে নিল তার যেন দৃষ্টান্তমূলক শাস্তি হয়। এলাকাবাসী সড়কে গতি নিয়ন্ত্রণে প্রশাসনের পদক্ষেপ দাবি করেছেন। স্থানীয় ইউপি চেয়ারম্যান শোকসন্তপ্ত পরিবারকে সব ধরনের সহযোগিতার আশ্বাস দিয়েছেন। তিনি বলেন, গ্রামের ভেতরের সড়কে বেপরোয়া গতিতে মোটরসাইকেল চালানো বন্ধ করতে হবে।

☉	আপনার রাশিফল
২৯ ডিসেম্বর ২০২৩
জ্যোতিষ কার্তিক কুমার রায়
আজ আপনার জন্ম হলে আপনি ধনু রাশির জাতক/জাতিকা। আপনার উপর চন্দ্র, শনি ও বৃহস্পতির বিশেষ প্রভাব থাকবে।
জন্ম সংখ্যা	: ২
শুভ রত্ন	: মুক্তা, হীরা ও মুক্তা
শুভ রং	: রূপালী, আকাশী, ক্রিম ও নীল।
শুভ বার	: সোমবার।
আজকের দিনের তিথি : কৃষ্ণপক্ষে দ্বিতীয়া
সকাল ০৭-৩৪-০১ সে: পর্যন্ত পরে তৃতীয়া আরম্ভ
♈ মেষ : সামাজিক কাজে উৎসাহ পাবেন। প্রিয়জনের সান্নিধ্য লাভ করবেন। প্রেম ও বন্ধুত্বে অনুকূল পরিস্থিতি। রাজনৈতিক প্রতিপত্তি বৃদ্ধি পাবে।
♎ তুলা : গোপনে কাজ করে লাভ হবে। ব্যবসা ও সম্পত্তির ক্ষেত্রে সুফল।
♉ বৃষ : শিল্প ক্ষেত্রে অগ্রগতি হবে। কর্মস্থলে প্রতিবন্ধকতা দূর হবে। আর্থিক সুযোগ আসবে।
♏ বৃশ্চিক : শিক্ষার্থীদের শুভ। নতুন পরিকল্পনা সফল হবে।
♊ মিথুন : ধর্ম কর্মে মন থাকবে। আত্মীয়-স্বজনের আগমন ঘটবে। অর্থ অপচয় হতে পারে।
♐ ধনু : অন্যের প্রভাবে প্রভাবিত হবেন না। পারিবারিক শান্তি বজায় থাকবে।
♋ কর্কট : বিদ্যা চর্চায় সাফল্য আসবে। বিতর্ক এড়িয়ে চলুন। সঞ্চয় বাড়বে।
♑ মকর : ব্যয় বৃদ্ধি। স্বাস্থ্যের প্রতি যত্নবান হোন।
♌ সিংহ : ব্যবসায় উন্নতির যোগ। সন্তানের কৃতিত্বে আনন্দ পাবেন।
♒ কুম্ভ : প্রতিযোগিতায় জয়ী হবেন। বিবাহযোগ্যদের শুভ সংবাদ।
♍ কন্যা : বন্ধু দ্বারা সাহায্য পাবেন। ভ্রমণে সতর্ক থাকুন।
♓ মীন : বিনিয়োগে লাভ হবে। কৃ-সম্পত্তি লাভের সম্ভাবনা রয়েছে।
